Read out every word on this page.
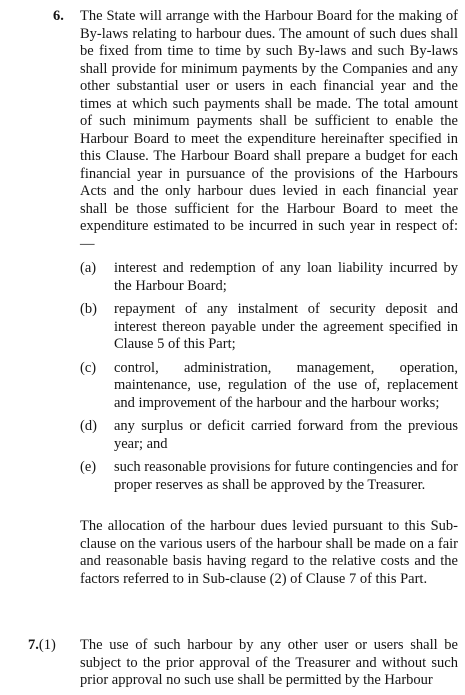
6. The State will arrange with the Harbour Board for the making of By-laws relating to harbour dues. The amount of such dues shall be fixed from time to time by such By-laws and such By-laws shall provide for minimum payments by the Companies and any other substantial user or users in each financial year and the times at which such payments shall be made. The total amount of such minimum payments shall be sufficient to enable the Harbour Board to meet the expenditure hereinafter specified in this Clause. The Harbour Board shall prepare a budget for each financial year in pursuance of the provisions of the Harbours Acts and the only harbour dues levied in each financial year shall be those sufficient for the Harbour Board to meet the expenditure estimated to be incurred in such year in respect of:—
(a)	interest and redemption of any loan liability incurred by the Harbour Board;
(b)	repayment of any instalment of security deposit and interest thereon payable under the agreement specified in Clause 5 of this Part;
(c)	control, administration, management, operation, maintenance, use, regulation of the use of, replacement and improvement of the harbour and the harbour works;
(d)	any surplus or deficit carried forward from the previous year; and
(e)	such reasonable provisions for future contingencies and for proper reserves as shall be approved by the Treasurer.
The allocation of the harbour dues levied pursuant to this Sub-clause on the various users of the harbour shall be made on a fair and reasonable basis having regard to the relative costs and the factors referred to in Sub-clause (2) of Clause 7 of this Part.
7.(1) The use of such harbour by any other user or users shall be subject to the prior approval of the Treasurer and without such prior approval no such use shall be permitted by the Harbour
